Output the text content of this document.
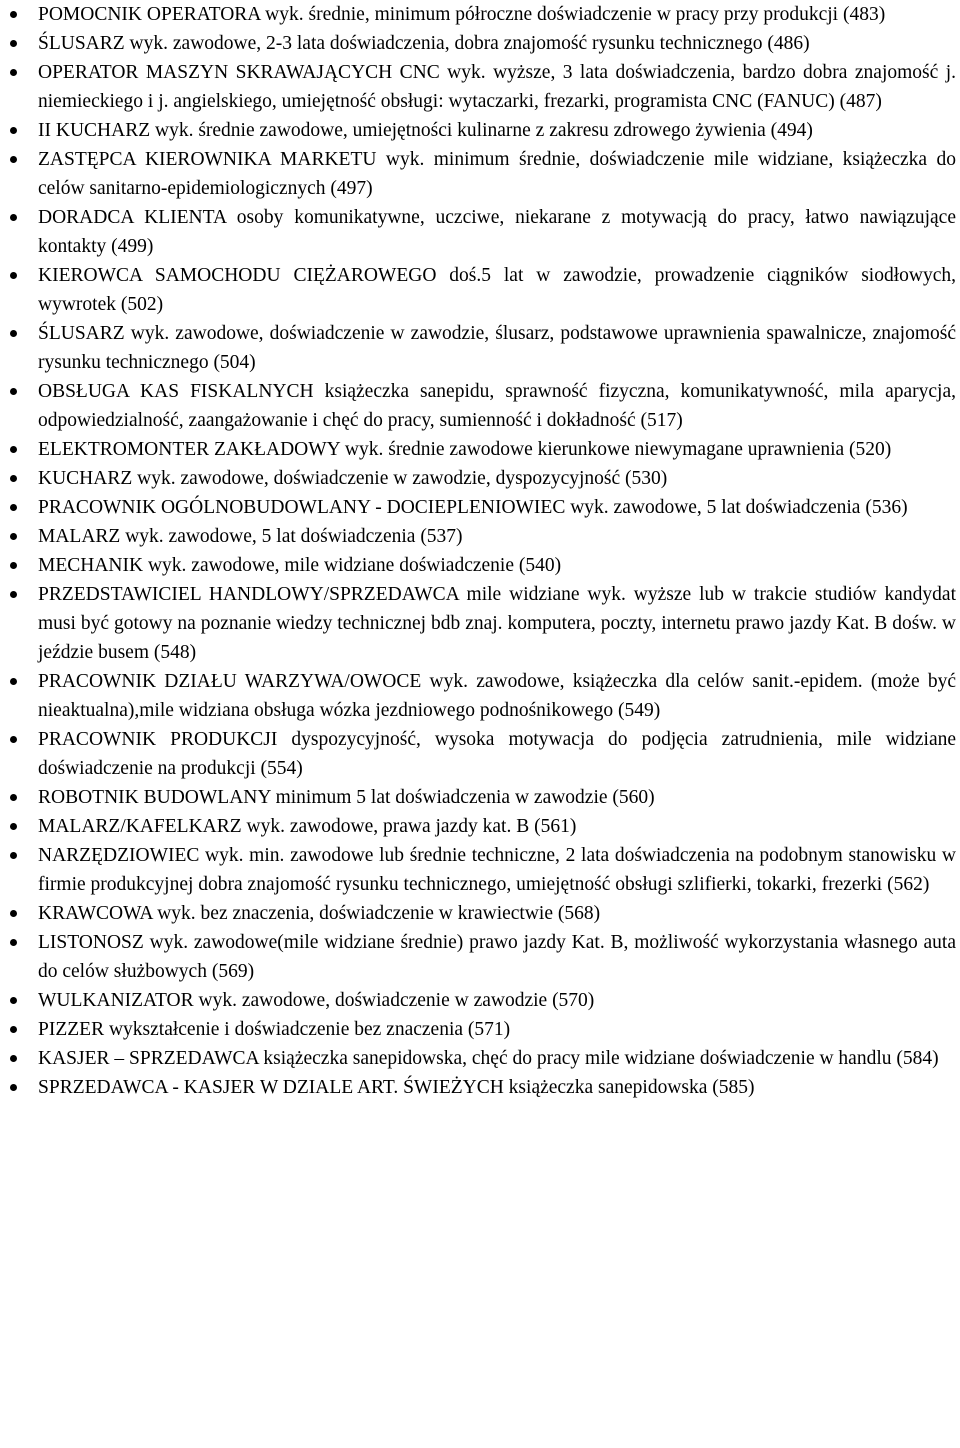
POMOCNIK OPERATORA wyk. średnie, minimum półroczne doświadczenie w pracy przy produkcji (483)
ŚLUSARZ wyk. zawodowe, 2-3 lata doświadczenia, dobra znajomość rysunku technicznego (486)
OPERATOR MASZYN SKRAWAJĄCYCH CNC wyk. wyższe, 3 lata doświadczenia, bardzo dobra znajomość j. niemieckiego i j. angielskiego, umiejętność obsługi: wytaczarki, frezarki, programista CNC (FANUC) (487)
II KUCHARZ wyk. średnie zawodowe, umiejętności kulinarne z zakresu zdrowego żywienia (494)
ZASTĘPCA KIEROWNIKA MARKETU wyk. minimum średnie, doświadczenie mile widziane, książeczka do celów sanitarno-epidemiologicznych (497)
DORADCA KLIENTA osoby komunikatywne, uczciwe, niekarane z motywacją do pracy, łatwo nawiązujące kontakty (499)
KIEROWCA SAMOCHODU CIĘŻAROWEGO doś.5 lat w zawodzie, prowadzenie ciągników siodłowych, wywrotek (502)
ŚLUSARZ wyk. zawodowe, doświadczenie w zawodzie, ślusarz, podstawowe uprawnienia spawalnicze, znajomość rysunku technicznego (504)
OBSŁUGA KAS FISKALNYCH książeczka sanepidu, sprawność fizyczna, komunikatywność, mila aparycja, odpowiedzialność, zaangażowanie i chęć do pracy, sumienność i dokładność (517)
ELEKTROMONTER ZAKŁADOWY wyk. średnie zawodowe kierunkowe niewymagane uprawnienia (520)
KUCHARZ wyk. zawodowe, doświadczenie w zawodzie, dyspozycyjność (530)
PRACOWNIK OGÓLNOBUDOWLANY - DOCIEPLENIOWIEC wyk. zawodowe, 5 lat doświadczenia (536)
MALARZ wyk. zawodowe, 5 lat doświadczenia (537)
MECHANIK wyk. zawodowe, mile widziane doświadczenie (540)
PRZEDSTAWICIEL HANDLOWY/SPRZEDAWCA mile widziane wyk. wyższe lub w trakcie studiów kandydat musi być gotowy na poznanie wiedzy technicznej bdb znaj. komputera, poczty, internetu prawo jazdy Kat. B dośw. w jeździe busem (548)
PRACOWNIK DZIAŁU WARZYWA/OWOCE wyk. zawodowe, książeczka dla celów sanit.-epidem. (może być nieaktualna),mile widziana obsługa wózka jezdniowego podnośnikowego (549)
PRACOWNIK PRODUKCJI dyspozycyjność, wysoka motywacja do podjęcia zatrudnienia, mile widziane doświadczenie na produkcji (554)
ROBOTNIK BUDOWLANY minimum 5 lat doświadczenia w zawodzie (560)
MALARZ/KAFELKARZ wyk. zawodowe, prawa jazdy kat. B (561)
NARZĘDZIOWIEC wyk. min. zawodowe lub średnie techniczne, 2 lata doświadczenia na podobnym stanowisku w firmie produkcyjnej dobra znajomość rysunku technicznego, umiejętność obsługi szlifierki, tokarki, frezerki (562)
KRAWCOWA wyk. bez znaczenia, doświadczenie w krawiectwie (568)
LISTONOSZ wyk. zawodowe(mile widziane średnie) prawo jazdy Kat. B, możliwość wykorzystania własnego auta do celów służbowych (569)
WULKANIZATOR wyk. zawodowe, doświadczenie w zawodzie (570)
PIZZER wykształcenie i doświadczenie bez znaczenia (571)
KASJER – SPRZEDAWCA książeczka sanepidowska, chęć do pracy mile widziane doświadczenie w handlu (584)
SPRZEDAWCA - KASJER W DZIALE ART. ŚWIEŻYCH książeczka sanepidowska (585)
